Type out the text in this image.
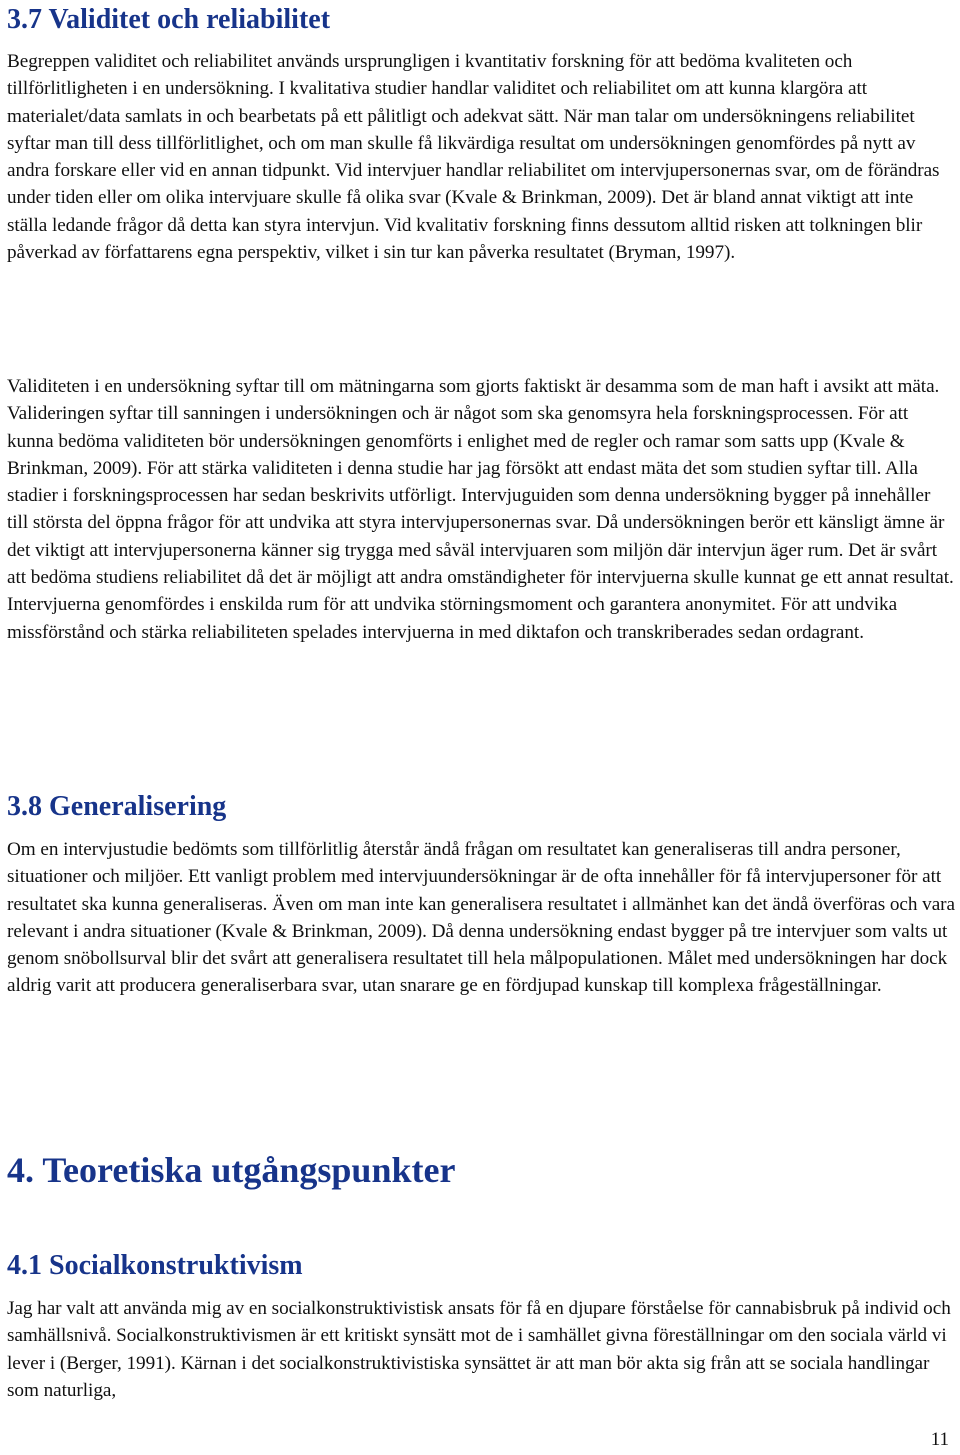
3.7 Validitet och reliabilitet

Begreppen validitet och reliabilitet används ursprungligen i kvantitativ forskning för att bedöma kvaliteten och tillförlitligheten i en undersökning. I kvalitativa studier handlar validitet och reliabilitet om att kunna klargöra att materialet/data samlats in och bearbetats på ett pålitligt och adekvat sätt. När man talar om undersökningens reliabilitet syftar man till dess tillförlitlighet, och om man skulle få likvärdiga resultat om undersökningen genomfördes på nytt av andra forskare eller vid en annan tidpunkt. Vid intervjuer handlar reliabilitet om intervjupersonernas svar, om de förändras under tiden eller om olika intervjuare skulle få olika svar (Kvale & Brinkman, 2009). Det är bland annat viktigt att inte ställa ledande frågor då detta kan styra intervjun. Vid kvalitativ forskning finns dessutom alltid risken att tolkningen blir påverkad av författarens egna perspektiv, vilket i sin tur kan påverka resultatet (Bryman, 1997).

Validiteten i en undersökning syftar till om mätningarna som gjorts faktiskt är desamma som de man haft i avsikt att mäta. Valideringen syftar till sanningen i undersökningen och är något som ska genomsyra hela forskningsprocessen. För att kunna bedöma validiteten bör undersökningen genomförts i enlighet med de regler och ramar som satts upp (Kvale & Brinkman, 2009). För att stärka validiteten i denna studie har jag försökt att endast mäta det som studien syftar till. Alla stadier i forskningsprocessen har sedan beskrivits utförligt. Intervjuguiden som denna undersökning bygger på innehåller till största del öppna frågor för att undvika att styra intervjupersonernas svar. Då undersökningen berör ett känsligt ämne är det viktigt att intervjupersonerna känner sig trygga med såväl intervjuaren som miljön där intervjun äger rum. Det är svårt att bedöma studiens reliabilitet då det är möjligt att andra omständigheter för intervjuerna skulle kunnat ge ett annat resultat. Intervjuerna genomfördes i enskilda rum för att undvika störningsmoment och garantera anonymitet. För att undvika missförstånd och stärka reliabiliteten spelades intervjuerna in med diktafon och transkriberades sedan ordagrant.

3.8 Generalisering

Om en intervjustudie bedömts som tillförlitlig återstår ändå frågan om resultatet kan generaliseras till andra personer, situationer och miljöer. Ett vanligt problem med intervjuundersökningar är de ofta innehåller för få intervjupersoner för att resultatet ska kunna generaliseras. Även om man inte kan generalisera resultatet i allmänhet kan det ändå överföras och vara relevant i andra situationer (Kvale & Brinkman, 2009). Då denna undersökning endast bygger på tre intervjuer som valts ut genom snöbollsurval blir det svårt att generalisera resultatet till hela målpopulationen. Målet med undersökningen har dock aldrig varit att producera generaliserbara svar, utan snarare ge en fördjupad kunskap till komplexa frågeställningar.

4. Teoretiska utgångspunkter
4.1 Socialkonstruktivism

Jag har valt att använda mig av en socialkonstruktivistisk ansats för få en djupare förståelse för cannabisbruk på individ och samhällsnivå. Socialkonstruktivismen är ett kritiskt synsätt mot de i samhället givna föreställningar om den sociala värld vi lever i (Berger, 1991). Kärnan i det socialkonstruktivistiska synsättet är att man bör akta sig från att se sociala handlingar som naturliga,

11
